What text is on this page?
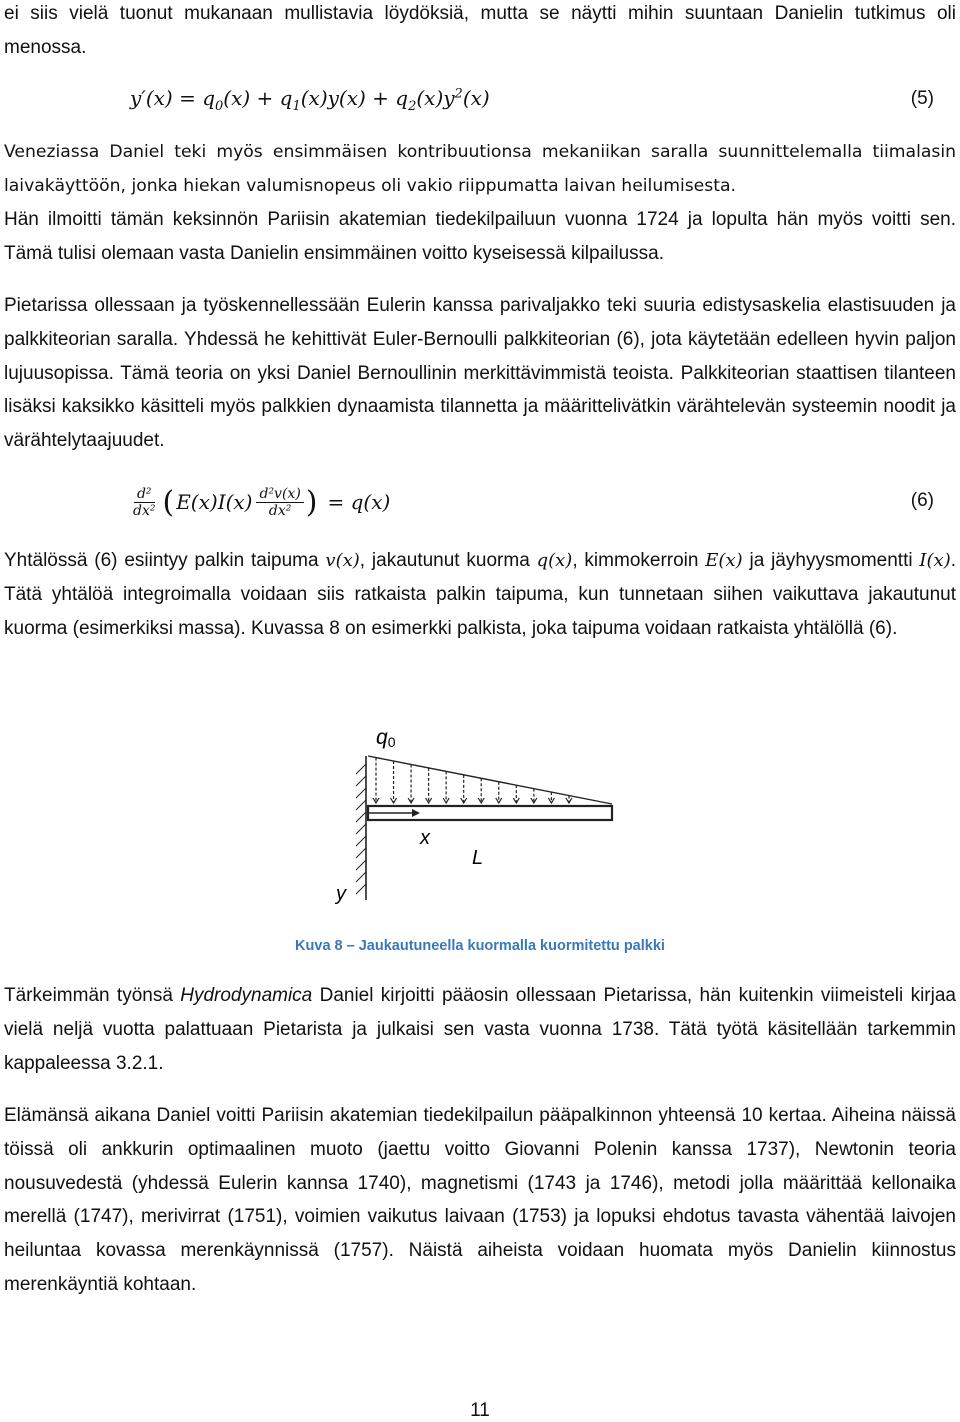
ei siis vielä tuonut mukanaan mullistavia löydöksiä, mutta se näytti mihin suuntaan Danielin tutkimus oli menossa.

$y'(x) = q_0(x) + q_1(x)y(x) + q_2(x)y^2(x)$	(5)

Veneziassa Daniel teki myös ensimmäisen kontribuutionsa mekaniikan saralla suunnittelemalla tiimalasin laivakäyttöön, jonka hiekan valumisnopeus oli vakio riippumatta laivan heilumisesta.

Hän ilmoitti tämän keksinnön Pariisin akatemian tiedekilpailuun vuonna 1724 ja lopulta hän myös voitti sen. Tämä tulisi olemaan vasta Danielin ensimmäinen voitto kyseisessä kilpailussa.

Pietarissa ollessaan ja työskennellessään Eulerin kanssa parivaljakko teki suuria edistysaskelia elastisuuden ja palkkiteorian saralla. Yhdessä he kehittivät Euler-Bernoulli palkkiteorian (6), jota käytetään edelleen hyvin paljon lujuusopissa. Tämä teoria on yksi Daniel Bernoullinin merkittävimmistä teoista. Palkkiteorian staattisen tilanteen lisäksi kaksikko käsitteli myös palkkien dynaamista tilannetta ja määrittelivätkin värähtelevän systeemin noodit ja värähtelytaajuudet.

$\frac{\text{d²}}{\text{dx²}}$ ( $E(x)I(x) \frac{\text{d²v(x)}}{\text{dx²}}$ ) = q(x)	(6)

Yhtälössä (6) esiintyy palkin taipuma v(x), jakautunut kuorma q(x), kimmokerroin E(x) ja jäyhyysmomentti I(x). Tätä yhtälöä integroimalla voidaan siis ratkaista palkin taipuma, kun tunnetaan siihen vaikuttava jakautunut kuorma (esimerkiksi massa). Kuvassa 8 on esimerkki palkista, joka taipuma voidaan ratkaista yhtälöllä (6).

q0
x
L
y
Kuva 8 – Jaukautuneella kuormalla kuormitettu palkki

Tärkeimmän työnsä Hydrodynamica Daniel kirjoitti pääosin ollessaan Pietarissa, hän kuitenkin viimeisteli kirjaa vielä neljä vuotta palattuaan Pietarista ja julkaisi sen vasta vuonna 1738. Tätä työtä käsitellään tarkemmin kappaleessa 3.2.1.

Elämänsä aikana Daniel voitti Pariisin akatemian tiedekilpailun pääpalkinnon yhteensä 10 kertaa. Aiheina näissä töissä oli ankkurin optimaalinen muoto (jaettu voitto Giovanni Polenin kanssa 1737), Newtonin teoria nousuvedestä (yhdessä Eulerin kannsa 1740), magnetismi (1743 ja 1746), metodi jolla määrittää kellonaika merellä (1747), merivirrat (1751), voimien vaikutus laivaan (1753) ja lopuksi ehdotus tavasta vähentää laivojen heiluntaa kovassa merenkäynnissä (1757). Näistä aiheista voidaan huomata myös Danielin kiinnostus merenkäyntiä kohtaan.

11
